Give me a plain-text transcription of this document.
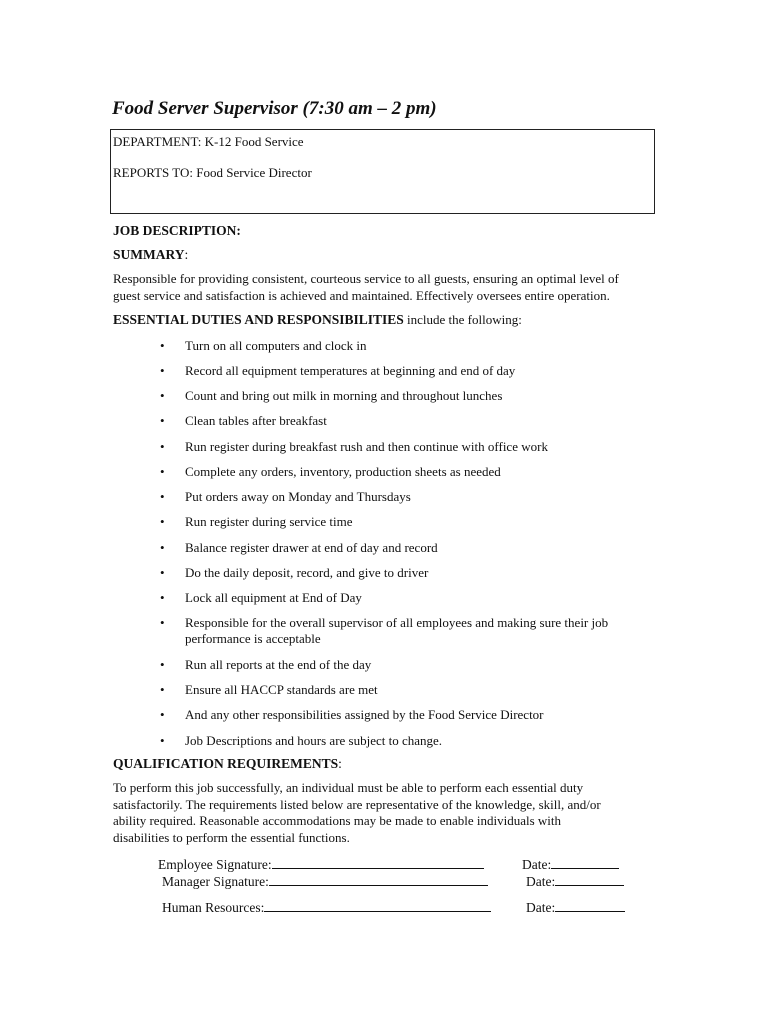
Food Server Supervisor (7:30 am – 2 pm)
DEPARTMENT: K-12 Food Service
REPORTS TO: Food Service Director
JOB DESCRIPTION:
SUMMARY:
Responsible for providing consistent, courteous service to all guests, ensuring an optimal level of
guest service and satisfaction is achieved and maintained. Effectively oversees entire operation.
ESSENTIAL DUTIES AND RESPONSIBILITIES include the following:
• Turn on all computers and clock in
• Record all equipment temperatures at beginning and end of day
• Count and bring out milk in morning and throughout lunches
• Clean tables after breakfast
• Run register during breakfast rush and then continue with office work
• Complete any orders, inventory, production sheets as needed
• Put orders away on Monday and Thursdays
• Run register during service time
• Balance register drawer at end of day and record
• Do the daily deposit, record, and give to driver
• Lock all equipment at End of Day
• Responsible for the overall supervisor of all employees and making sure their job performance is acceptable
• Run all reports at the end of the day
• Ensure all HACCP standards are met
• And any other responsibilities assigned by the Food Service Director
• Job Descriptions and hours are subject to change.
QUALIFICATION REQUIREMENTS:
To perform this job successfully, an individual must be able to perform each essential duty
satisfactorily. The requirements listed below are representative of the knowledge, skill, and/or
ability required. Reasonable accommodations may be made to enable individuals with
disabilities to perform the essential functions.
Employee Signature:	Date:
Manager Signature:	Date:
Human Resources:	Date:
